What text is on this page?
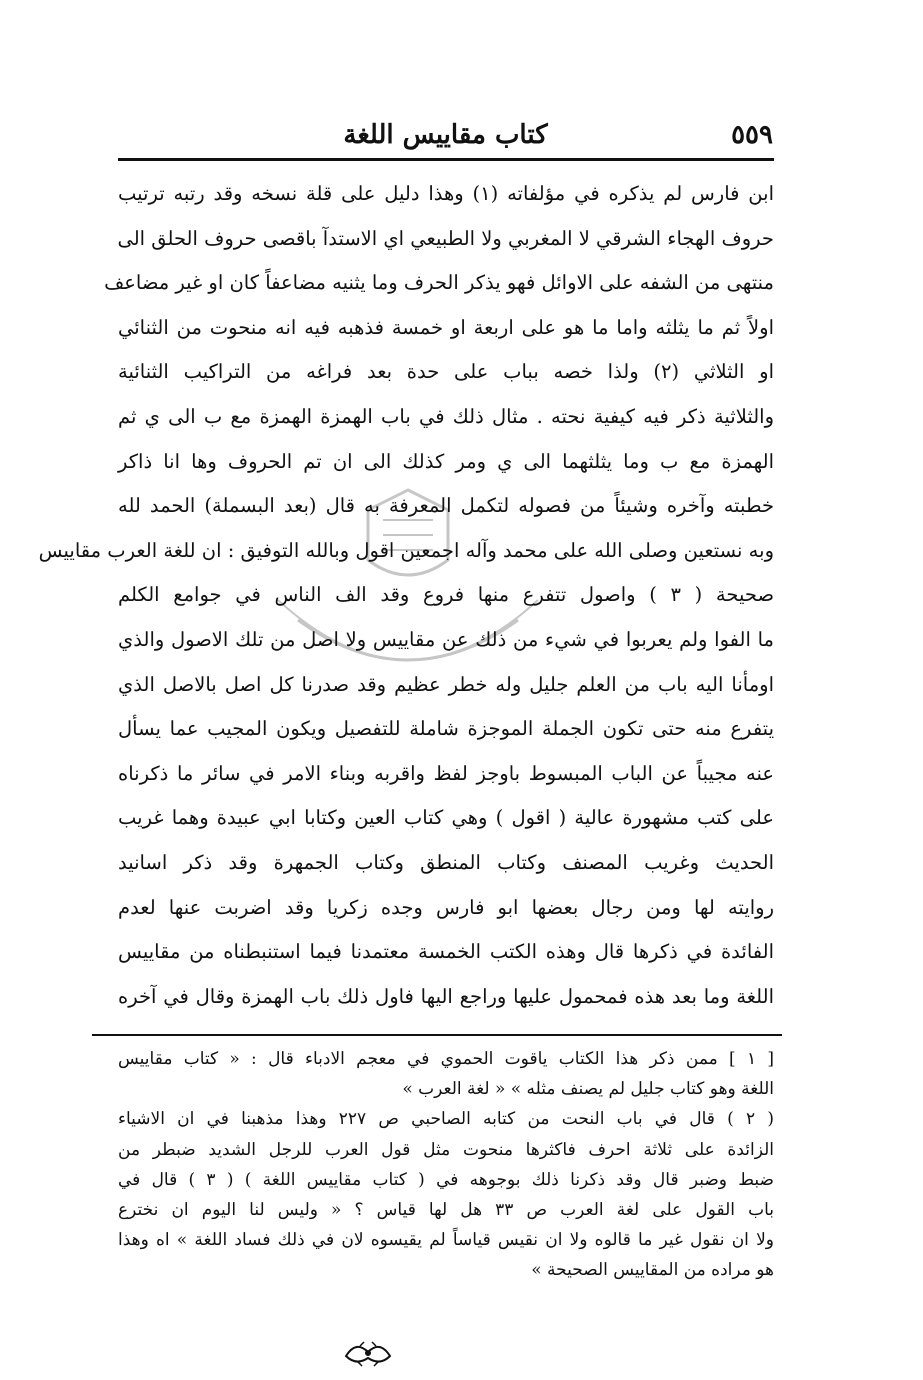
٥٥٩
كتاب مقاييس اللغة
ابن فارس لم يذكره في مؤلفاته (١) وهذا دليل على قلة نسخه وقد رتبه ترتيب
حروف الهجاء الشرقي لا المغربي ولا الطبيعي اي الاستدآ باقصى حروف الحلق الى
منتهى من الشفه على الاوائل فهو يذكر الحرف وما يثنيه مضاعفاً كان او غير مضاعف
اولاً ثم ما يثلثه واما ما هو على اربعة او خمسة فذهبه فيه انه منحوت من الثنائي
او الثلاثي (٢) ولذا خصه بباب على حدة بعد فراغه من التراكيب الثنائية
والثلاثية ذكر فيه كيفية نحته . مثال ذلك في باب الهمزة الهمزة مع ب الى ي ثم
الهمزة مع ب وما يثلثهما الى ي ومر كذلك الى ان تم الحروف وها انا ذاكر
خطبته وآخره وشيئاً من فصوله لتكمل المعرفة به قال (بعد البسملة) الحمد لله
وبه نستعين وصلى الله على محمد وآله اجمعين اقول وبالله التوفيق : ان للغة العرب مقاييس
صحيحة ( ٣ ) واصول تتفرع منها فروع وقد الف الناس في جوامع الكلم
ما الفوا ولم يعربوا في شيء من ذلك عن مقاييس ولا اصل من تلك الاصول والذي
اومأنا اليه باب من العلم جليل وله خطر عظيم وقد صدرنا كل اصل بالاصل الذي
يتفرع منه حتى تكون الجملة الموجزة شاملة للتفصيل ويكون المجيب عما يسأل
عنه مجيباً عن الباب المبسوط باوجز لفظ واقربه وبناء الامر في سائر ما ذكرناه
على كتب مشهورة عالية ( اقول ) وهي كتاب العين وكتابا ابي عبيدة وهما غريب
الحديث وغريب المصنف وكتاب المنطق وكتاب الجمهرة وقد ذكر اسانيد
روايته لها ومن رجال بعضها ابو فارس وجده زكريا وقد اضربت عنها لعدم
الفائدة في ذكرها قال وهذه الكتب الخمسة معتمدنا فيما استنبطناه من مقاييس
اللغة وما بعد هذه فمحمول عليها وراجع اليها فاول ذلك باب الهمزة وقال في آخره
[ ١ ] ممن ذكر هذا الكتاب ياقوت الحموي في معجم الادباء قال : « كتاب مقاييس
اللغة وهو كتاب جليل لم يصنف مثله » « لغة العرب »
( ٢ ) قال في باب النحت من كتابه الصاحبي ص ٢٢٧ وهذا مذهبنا في ان الاشياء
الزائدة على ثلاثة احرف فاكثرها منحوت مثل قول العرب للرجل الشديد ضبطر من
ضبط وضبر قال وقد ذكرنا ذلك بوجوهه في ( كتاب مقاييس اللغة ) ( ٣ ) قال في
باب القول على لغة العرب ص ٣٣ هل لها قياس ؟ « وليس لنا اليوم ان نخترع
ولا ان نقول غير ما قالوه ولا ان نقيس قياساً لم يقيسوه لان في ذلك فساد اللغة » اه وهذا
هو مراده من المقاييس الصحيحة »
